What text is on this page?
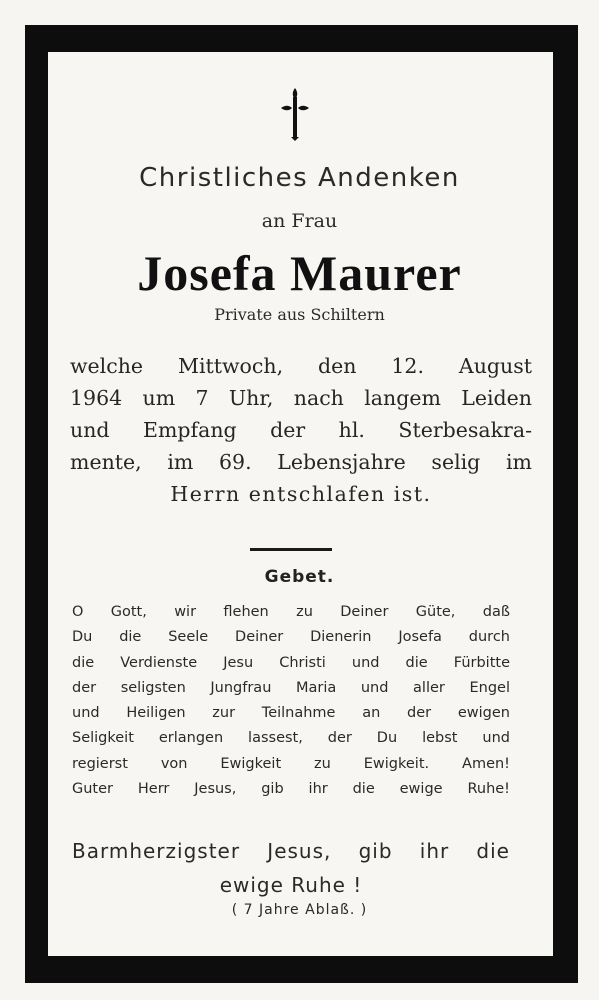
Christliches Andenken
an Frau
Josefa Maurer
Private aus Schiltern
welche Mittwoch, den 12. August
1964 um 7 Uhr, nach langem Leiden
und Empfang der hl. Sterbesakra-
mente, im 69. Lebensjahre selig im
Herrn entschlafen ist.
Gebet.
O Gott, wir flehen zu Deiner Güte, daß
Du die Seele Deiner Dienerin Josefa durch
die Verdienste Jesu Christi und die Fürbitte
der seligsten Jungfrau Maria und aller Engel
und Heiligen zur Teilnahme an der ewigen
Seligkeit erlangen lassest, der Du lebst und
regierst von Ewigkeit zu Ewigkeit. Amen!
Guter Herr Jesus, gib ihr die ewige Ruhe!
Barmherzigster Jesus, gib ihr die
ewige Ruhe !
( 7 Jahre Ablaß. )
